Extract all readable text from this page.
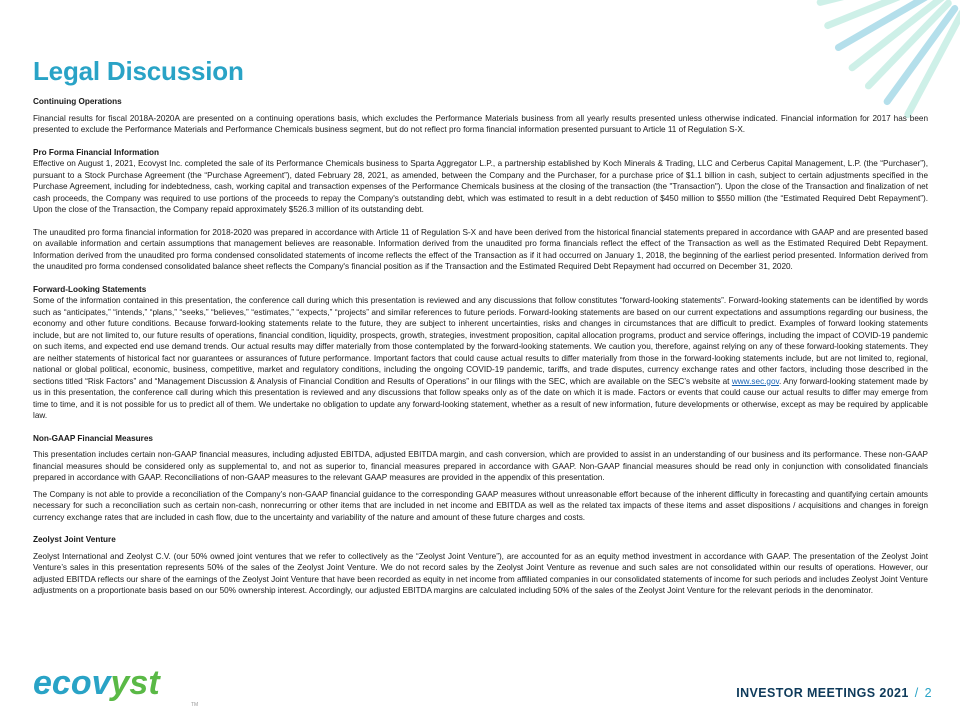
Legal Discussion
Continuing Operations

Financial results for fiscal 2018A-2020A are presented on a continuing operations basis, which excludes the Performance Materials business from all yearly results presented unless otherwise indicated. Financial information for 2017 has been presented to exclude the Performance Materials and Performance Chemicals business segment, but do not reflect pro forma financial information presented pursuant to Article 11 of Regulation S-X.

Pro Forma Financial Information

Effective on August 1, 2021, Ecovyst Inc. completed the sale of its Performance Chemicals business to Sparta Aggregator L.P., a partnership established by Koch Minerals & Trading, LLC and Cerberus Capital Management, L.P. (the “Purchaser”), pursuant to a Stock Purchase Agreement (the “Purchase Agreement”), dated February 28, 2021, as amended, between the Company and the Purchaser, for a purchase price of $1.1 billion in cash, subject to certain adjustments specified in the Purchase Agreement, including for indebtedness, cash, working capital and transaction expenses of the Performance Chemicals business at the closing of the transaction (the "Transaction"). Upon the close of the Transaction and finalization of net cash proceeds, the Company was required to use portions of the proceeds to repay the Company's outstanding debt, which was estimated to result in a debt reduction of $450 million to $550 million (the “Estimated Required Debt Repayment”). Upon the close of the Transaction, the Company repaid approximately $526.3 million of its outstanding debt.

The unaudited pro forma financial information for 2018-2020 was prepared in accordance with Article 11 of Regulation S-X and have been derived from the historical financial statements prepared in accordance with GAAP and are presented based on available information and certain assumptions that management believes are reasonable. Information derived from the unaudited pro forma financials reflect the effect of the Transaction as well as the Estimated Required Debt Repayment. Information derived from the unaudited pro forma condensed consolidated statements of income reflects the effect of the Transaction as if it had occurred on January 1, 2018, the beginning of the earliest period presented. Information derived from the unaudited pro forma condensed consolidated balance sheet reflects the Company's financial position as if the Transaction and the Estimated Required Debt Repayment had occurred on December 31, 2020.

Forward-Looking Statements

Some of the information contained in this presentation, the conference call during which this presentation is reviewed and any discussions that follow constitutes “forward-looking statements”. Forward-looking statements can be identified by words such as “anticipates,” “intends,” “plans,” “seeks,” “believes,” “estimates,” “expects,” “projects” and similar references to future periods. Forward-looking statements are based on our current expectations and assumptions regarding our business, the economy and other future conditions. Because forward-looking statements relate to the future, they are subject to inherent uncertainties, risks and changes in circumstances that are difficult to predict. Examples of forward looking statements include, but are not limited to, our future results of operations, financial condition, liquidity, prospects, growth, strategies, investment proposition, capital allocation programs, product and service offerings, including the impact of COVID-19 pandemic on such items, and expected end use demand trends. Our actual results may differ materially from those contemplated by the forward-looking statements. We caution you, therefore, against relying on any of these forward-looking statements. They are neither statements of historical fact nor guarantees or assurances of future performance. Important factors that could cause actual results to differ materially from those in the forward-looking statements include, but are not limited to, regional, national or global political, economic, business, competitive, market and regulatory conditions, including the ongoing COVID-19 pandemic, tariffs, and trade disputes, currency exchange rates and other factors, including those described in the sections titled “Risk Factors” and “Management Discussion & Analysis of Financial Condition and Results of Operations” in our filings with the SEC, which are available on the SEC’s website at www.sec.gov. Any forward-looking statement made by us in this presentation, the conference call during which this presentation is reviewed and any discussions that follow speaks only as of the date on which it is made. Factors or events that could cause our actual results to differ may emerge from time to time, and it is not possible for us to predict all of them. We undertake no obligation to update any forward-looking statement, whether as a result of new information, future developments or otherwise, except as may be required by applicable law.

Non-GAAP Financial Measures

This presentation includes certain non-GAAP financial measures, including adjusted EBITDA, adjusted EBITDA margin, and cash conversion, which are provided to assist in an understanding of our business and its performance. These non-GAAP financial measures should be considered only as supplemental to, and not as superior to, financial measures prepared in accordance with GAAP. Non-GAAP financial measures should be read only in conjunction with consolidated financials prepared in accordance with GAAP. Reconciliations of non-GAAP measures to the relevant GAAP measures are provided in the appendix of this presentation.

The Company is not able to provide a reconciliation of the Company’s non-GAAP financial guidance to the corresponding GAAP measures without unreasonable effort because of the inherent difficulty in forecasting and quantifying certain amounts necessary for such a reconciliation such as certain non-cash, nonrecurring or other items that are included in net income and EBITDA as well as the related tax impacts of these items and asset dispositions / acquisitions and changes in foreign currency exchange rates that are included in cash flow, due to the uncertainty and variability of the nature and amount of these future charges and costs.

Zeolyst Joint Venture

Zeolyst International and Zeolyst C.V. (our 50% owned joint ventures that we refer to collectively as the “Zeolyst Joint Venture”), are accounted for as an equity method investment in accordance with GAAP. The presentation of the Zeolyst Joint Venture’s sales in this presentation represents 50% of the sales of the Zeolyst Joint Venture. We do not record sales by the Zeolyst Joint Venture as revenue and such sales are not consolidated within our results of operations. However, our adjusted EBITDA reflects our share of the earnings of the Zeolyst Joint Venture that have been recorded as equity in net income from affiliated companies in our consolidated statements of income for such periods and includes Zeolyst Joint Venture adjustments on a proportionate basis based on our 50% ownership interest. Accordingly, our adjusted EBITDA margins are calculated including 50% of the sales of the Zeolyst Joint Venture for the relevant periods in the denominator.

ecovyst
TM
INVESTOR MEETINGS 2021 / 2
